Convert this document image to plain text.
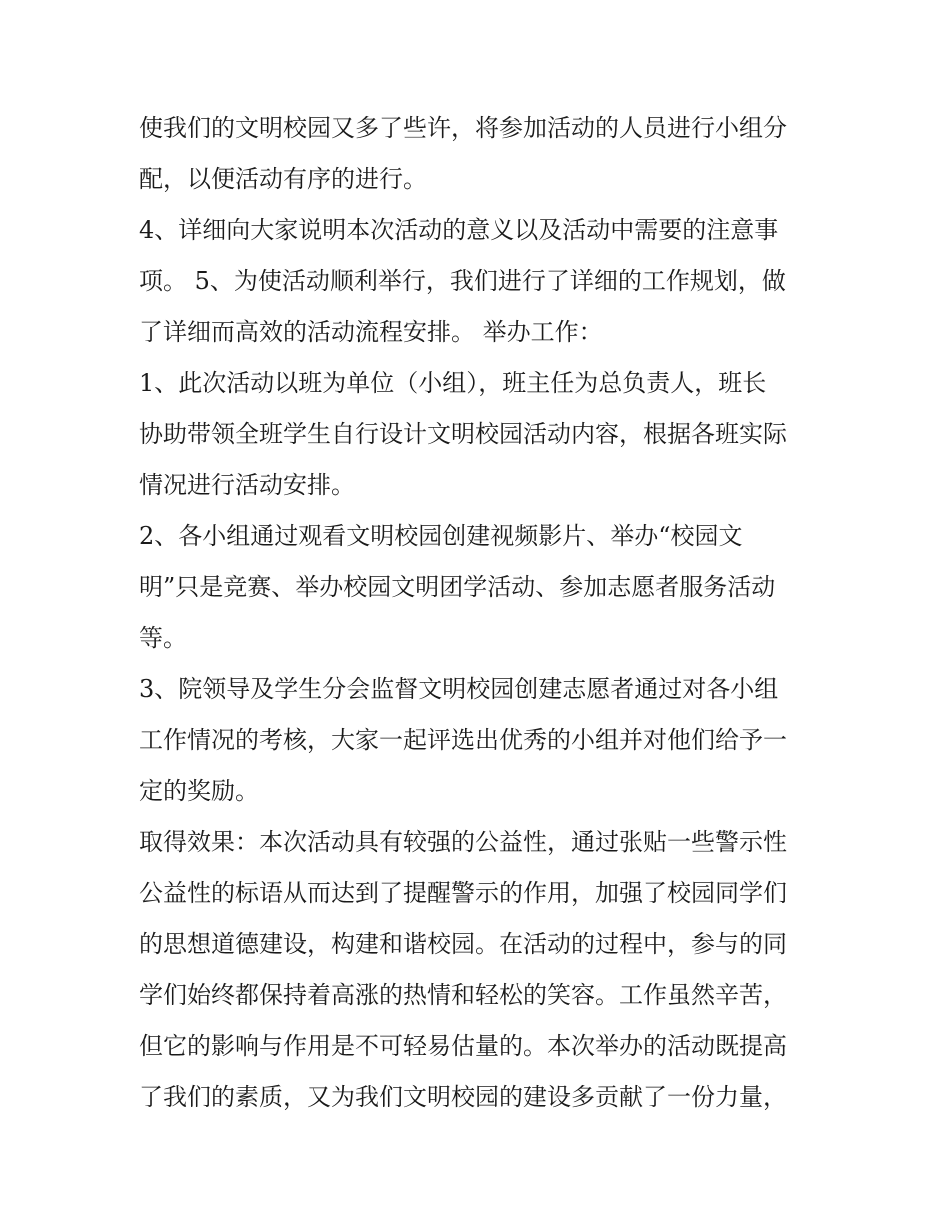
使我们的文明校园又多了些许，将参加活动的人员进行小组分
配，以便活动有序的进行。
4、详细向大家说明本次活动的意义以及活动中需要的注意事
项。 5、为使活动顺利举行，我们进行了详细的工作规划，做
了详细而高效的活动流程安排。 举办工作：
1、此次活动以班为单位（小组），班主任为总负责人，班长
协助带领全班学生自行设计文明校园活动内容，根据各班实际
情况进行活动安排。
2、各小组通过观看文明校园创建视频影片、举办“校园文
明”只是竞赛、举办校园文明团学活动、参加志愿者服务活动
等。
3、院领导及学生分会监督文明校园创建志愿者通过对各小组
工作情况的考核，大家一起评选出优秀的小组并对他们给予一
定的奖励。
取得效果：本次活动具有较强的公益性，通过张贴一些警示性
公益性的标语从而达到了提醒警示的作用，加强了校园同学们
的思想道德建设，构建和谐校园。在活动的过程中，参与的同
学们始终都保持着高涨的热情和轻松的笑容。工作虽然辛苦，
但它的影响与作用是不可轻易估量的。本次举办的活动既提高
了我们的素质，又为我们文明校园的建设多贡献了一份力量，
